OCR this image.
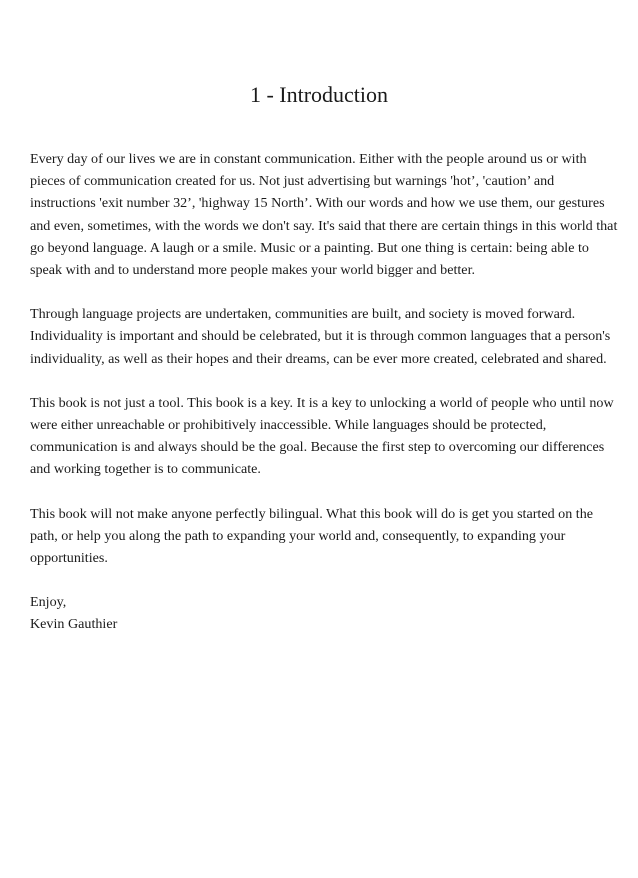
1 - Introduction

Every day of our lives we are in constant communication. Either with the people around us or with pieces of communication created for us. Not just advertising but warnings 'hot’, 'caution’ and instructions 'exit number 32’, 'highway 15 North’. With our words and how we use them, our gestures and even, sometimes, with the words we don't say. It's said that there are certain things in this world that go beyond language. A laugh or a smile. Music or a painting. But one thing is certain: being able to speak with and to understand more people makes your world bigger and better.

Through language projects are undertaken, communities are built, and society is moved forward. Individuality is important and should be celebrated, but it is through common languages that a person's individuality, as well as their hopes and their dreams, can be ever more created, celebrated and shared.

This book is not just a tool. This book is a key. It is a key to unlocking a world of people who until now were either unreachable or prohibitively inaccessible. While languages should be protected, communication is and always should be the goal. Because the first step to overcoming our differences and working together is to communicate.

This book will not make anyone perfectly bilingual. What this book will do is get you started on the path, or help you along the path to expanding your world and, consequently, to expanding your opportunities.

Enjoy,
Kevin Gauthier
